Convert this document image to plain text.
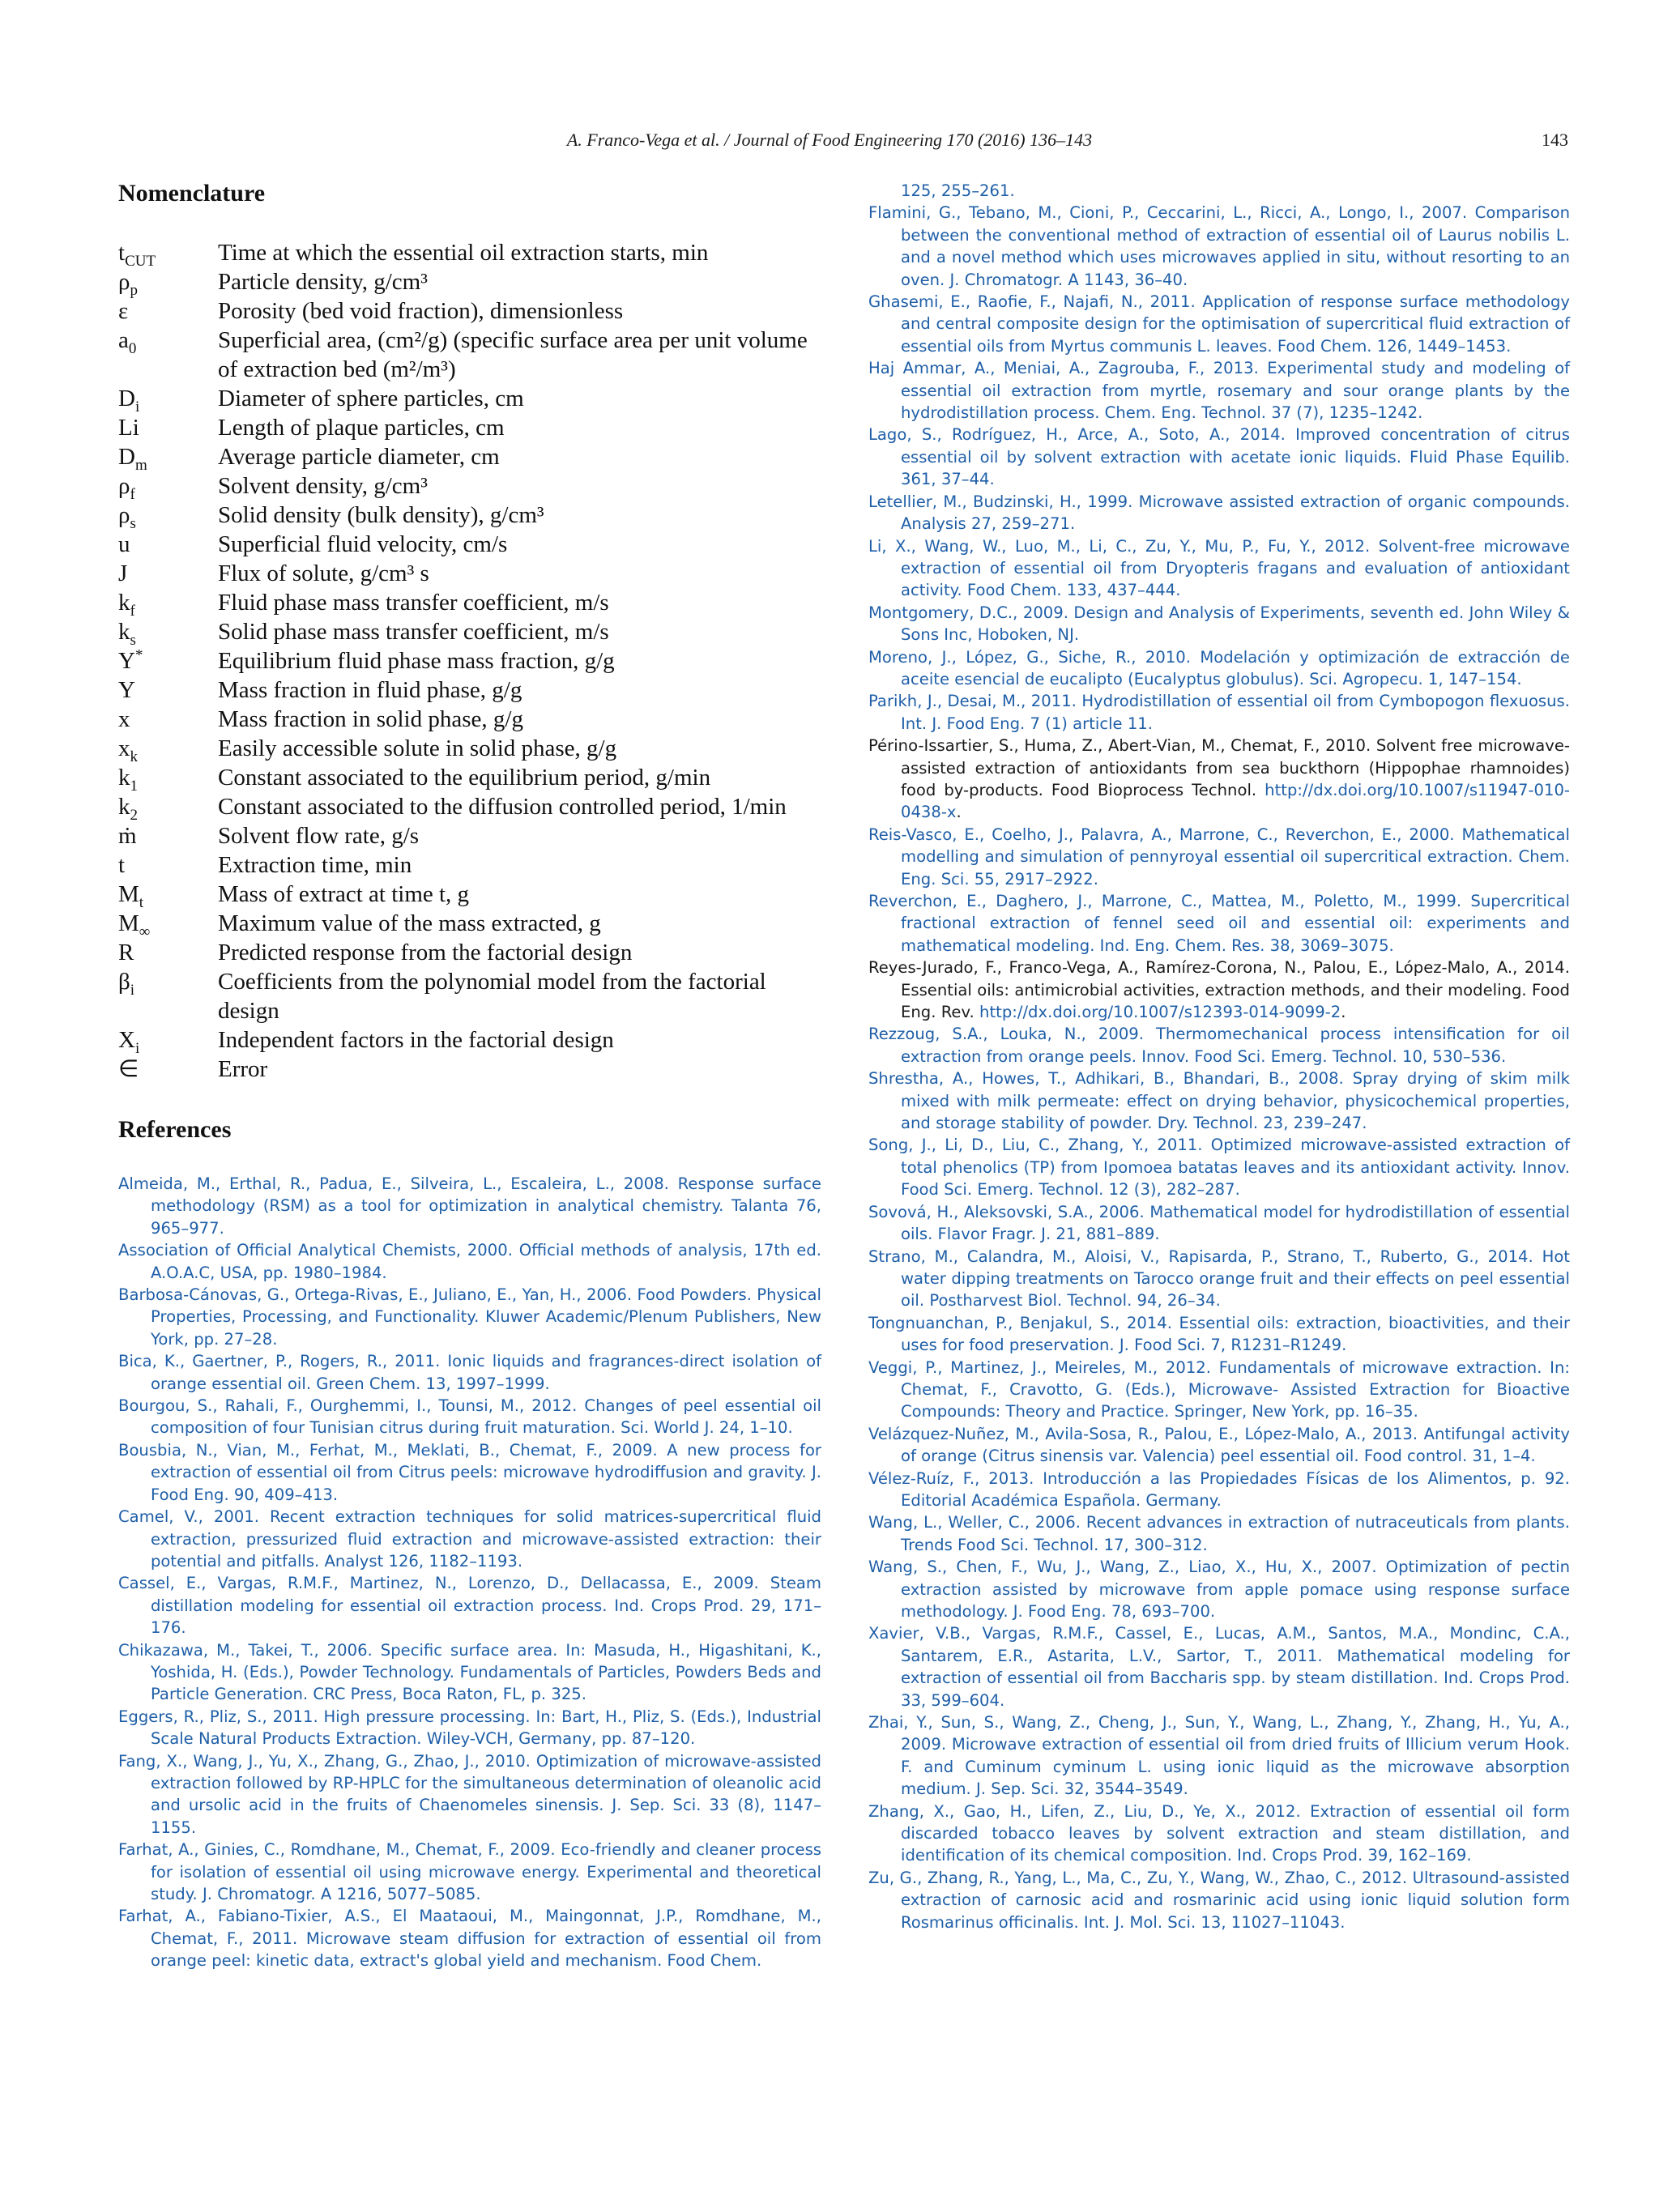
A. Franco-Vega et al. / Journal of Food Engineering 170 (2016) 136–143	143
Nomenclature
$t_{CUT}$	Time at which the essential oil extraction starts, min
$\rho_p$	Particle density, g/cm³
ε	Porosity (bed void fraction), dimensionless
$a_0$	Superficial area, (cm²/g) (specific surface area per unit volume of extraction bed (m²/m³)
$D_i$	Diameter of sphere particles, cm
Li	Length of plaque particles, cm
$D_m$	Average particle diameter, cm
$\rho_f$	Solvent density, g/cm³
$\rho_s$	Solid density (bulk density), g/cm³
u	Superficial fluid velocity, cm/s
J	Flux of solute, g/cm³ s
$k_f$	Fluid phase mass transfer coefficient, m/s
$k_s$	Solid phase mass transfer coefficient, m/s
Y*	Equilibrium fluid phase mass fraction, g/g
Y	Mass fraction in fluid phase, g/g
x	Mass fraction in solid phase, g/g
$x_k$	Easily accessible solute in solid phase, g/g
$k_1$	Constant associated to the equilibrium period, g/min
$k_2$	Constant associated to the diffusion controlled period, 1/min
ṁ	Solvent flow rate, g/s
t	Extraction time, min
$M_t$	Mass of extract at time t, g
$M_\infty$	Maximum value of the mass extracted, g
R	Predicted response from the factorial design
$\beta_i$	Coefficients from the polynomial model from the factorial design
$X_i$	Independent factors in the factorial design
∈	Error
References

Almeida, M., Erthal, R., Padua, E., Silveira, L., Escaleira, L., 2008. Response surface methodology (RSM) as a tool for optimization in analytical chemistry. Talanta 76, 965–977.

Association of Official Analytical Chemists, 2000. Official methods of analysis, 17th ed. A.O.A.C, USA, pp. 1980–1984.

Barbosa-Cánovas, G., Ortega-Rivas, E., Juliano, E., Yan, H., 2006. Food Powders. Physical Properties, Processing, and Functionality. Kluwer Academic/Plenum Publishers, New York, pp. 27–28.

Bica, K., Gaertner, P., Rogers, R., 2011. Ionic liquids and fragrances-direct isolation of orange essential oil. Green Chem. 13, 1997–1999.

Bourgou, S., Rahali, F., Ourghemmi, I., Tounsi, M., 2012. Changes of peel essential oil composition of four Tunisian citrus during fruit maturation. Sci. World J. 24, 1–10.

Bousbia, N., Vian, M., Ferhat, M., Meklati, B., Chemat, F., 2009. A new process for extraction of essential oil from Citrus peels: microwave hydrodiffusion and gravity. J. Food Eng. 90, 409–413.

Camel, V., 2001. Recent extraction techniques for solid matrices-supercritical fluid extraction, pressurized fluid extraction and microwave-assisted extraction: their potential and pitfalls. Analyst 126, 1182–1193.

Cassel, E., Vargas, R.M.F., Martinez, N., Lorenzo, D., Dellacassa, E., 2009. Steam distillation modeling for essential oil extraction process. Ind. Crops Prod. 29, 171–176.

Chikazawa, M., Takei, T., 2006. Specific surface area. In: Masuda, H., Higashitani, K., Yoshida, H. (Eds.), Powder Technology. Fundamentals of Particles, Powders Beds and Particle Generation. CRC Press, Boca Raton, FL, p. 325.

Eggers, R., Pliz, S., 2011. High pressure processing. In: Bart, H., Pliz, S. (Eds.), Industrial Scale Natural Products Extraction. Wiley-VCH, Germany, pp. 87–120.

Fang, X., Wang, J., Yu, X., Zhang, G., Zhao, J., 2010. Optimization of microwave-assisted extraction followed by RP-HPLC for the simultaneous determination of oleanolic acid and ursolic acid in the fruits of Chaenomeles sinensis. J. Sep. Sci. 33 (8), 1147–1155.

Farhat, A., Ginies, C., Romdhane, M., Chemat, F., 2009. Eco-friendly and cleaner process for isolation of essential oil using microwave energy. Experimental and theoretical study. J. Chromatogr. A 1216, 5077–5085.

Farhat, A., Fabiano-Tixier, A.S., El Maataoui, M., Maingonnat, J.P., Romdhane, M., Chemat, F., 2011. Microwave steam diffusion for extraction of essential oil from orange peel: kinetic data, extract's global yield and mechanism. Food Chem.

125, 255–261.

Flamini, G., Tebano, M., Cioni, P., Ceccarini, L., Ricci, A., Longo, I., 2007. Comparison between the conventional method of extraction of essential oil of Laurus nobilis L. and a novel method which uses microwaves applied in situ, without resorting to an oven. J. Chromatogr. A 1143, 36–40.

Ghasemi, E., Raofie, F., Najafi, N., 2011. Application of response surface methodology and central composite design for the optimisation of supercritical fluid extraction of essential oils from Myrtus communis L. leaves. Food Chem. 126, 1449–1453.

Haj Ammar, A., Meniai, A., Zagrouba, F., 2013. Experimental study and modeling of essential oil extraction from myrtle, rosemary and sour orange plants by the hydrodistillation process. Chem. Eng. Technol. 37 (7), 1235–1242.

Lago, S., Rodríguez, H., Arce, A., Soto, A., 2014. Improved concentration of citrus essential oil by solvent extraction with acetate ionic liquids. Fluid Phase Equilib. 361, 37–44.

Letellier, M., Budzinski, H., 1999. Microwave assisted extraction of organic compounds. Analysis 27, 259–271.

Li, X., Wang, W., Luo, M., Li, C., Zu, Y., Mu, P., Fu, Y., 2012. Solvent-free microwave extraction of essential oil from Dryopteris fragans and evaluation of antioxidant activity. Food Chem. 133, 437–444.

Montgomery, D.C., 2009. Design and Analysis of Experiments, seventh ed. John Wiley & Sons Inc, Hoboken, NJ.

Moreno, J., López, G., Siche, R., 2010. Modelación y optimización de extracción de aceite esencial de eucalipto (Eucalyptus globulus). Sci. Agropecu. 1, 147–154.

Parikh, J., Desai, M., 2011. Hydrodistillation of essential oil from Cymbopogon flexuosus. Int. J. Food Eng. 7 (1) article 11.

Périno-Issartier, S., Huma, Z., Abert-Vian, M., Chemat, F., 2010. Solvent free microwave-assisted extraction of antioxidants from sea buckthorn (Hippophae rhamnoides) food by-products. Food Bioprocess Technol. http://dx.doi.org/10.1007/s11947-010-0438-x.

Reis-Vasco, E., Coelho, J., Palavra, A., Marrone, C., Reverchon, E., 2000. Mathematical modelling and simulation of pennyroyal essential oil supercritical extraction. Chem. Eng. Sci. 55, 2917–2922.

Reverchon, E., Daghero, J., Marrone, C., Mattea, M., Poletto, M., 1999. Supercritical fractional extraction of fennel seed oil and essential oil: experiments and mathematical modeling. Ind. Eng. Chem. Res. 38, 3069–3075.

Reyes-Jurado, F., Franco-Vega, A., Ramírez-Corona, N., Palou, E., López-Malo, A., 2014. Essential oils: antimicrobial activities, extraction methods, and their modeling. Food Eng. Rev. http://dx.doi.org/10.1007/s12393-014-9099-2.

Rezzoug, S.A., Louka, N., 2009. Thermomechanical process intensification for oil extraction from orange peels. Innov. Food Sci. Emerg. Technol. 10, 530–536.

Shrestha, A., Howes, T., Adhikari, B., Bhandari, B., 2008. Spray drying of skim milk mixed with milk permeate: effect on drying behavior, physicochemical properties, and storage stability of powder. Dry. Technol. 23, 239–247.

Song, J., Li, D., Liu, C., Zhang, Y., 2011. Optimized microwave-assisted extraction of total phenolics (TP) from Ipomoea batatas leaves and its antioxidant activity. Innov. Food Sci. Emerg. Technol. 12 (3), 282–287.

Sovová, H., Aleksovski, S.A., 2006. Mathematical model for hydrodistillation of essential oils. Flavor Fragr. J. 21, 881–889.

Strano, M., Calandra, M., Aloisi, V., Rapisarda, P., Strano, T., Ruberto, G., 2014. Hot water dipping treatments on Tarocco orange fruit and their effects on peel essential oil. Postharvest Biol. Technol. 94, 26–34.

Tongnuanchan, P., Benjakul, S., 2014. Essential oils: extraction, bioactivities, and their uses for food preservation. J. Food Sci. 7, R1231–R1249.

Veggi, P., Martinez, J., Meireles, M., 2012. Fundamentals of microwave extraction. In: Chemat, F., Cravotto, G. (Eds.), Microwave- Assisted Extraction for Bioactive Compounds: Theory and Practice. Springer, New York, pp. 16–35.

Velázquez-Nuñez, M., Avila-Sosa, R., Palou, E., López-Malo, A., 2013. Antifungal activity of orange (Citrus sinensis var. Valencia) peel essential oil. Food control. 31, 1–4.

Vélez-Ruíz, F., 2013. Introducción a las Propiedades Físicas de los Alimentos, p. 92. Editorial Académica Española. Germany.

Wang, L., Weller, C., 2006. Recent advances in extraction of nutraceuticals from plants. Trends Food Sci. Technol. 17, 300–312.

Wang, S., Chen, F., Wu, J., Wang, Z., Liao, X., Hu, X., 2007. Optimization of pectin extraction assisted by microwave from apple pomace using response surface methodology. J. Food Eng. 78, 693–700.

Xavier, V.B., Vargas, R.M.F., Cassel, E., Lucas, A.M., Santos, M.A., Mondinc, C.A., Santarem, E.R., Astarita, L.V., Sartor, T., 2011. Mathematical modeling for extraction of essential oil from Baccharis spp. by steam distillation. Ind. Crops Prod. 33, 599–604.

Zhai, Y., Sun, S., Wang, Z., Cheng, J., Sun, Y., Wang, L., Zhang, Y., Zhang, H., Yu, A., 2009. Microwave extraction of essential oil from dried fruits of Illicium verum Hook. F. and Cuminum cyminum L. using ionic liquid as the microwave absorption medium. J. Sep. Sci. 32, 3544–3549.

Zhang, X., Gao, H., Lifen, Z., Liu, D., Ye, X., 2012. Extraction of essential oil form discarded tobacco leaves by solvent extraction and steam distillation, and identification of its chemical composition. Ind. Crops Prod. 39, 162–169.

Zu, G., Zhang, R., Yang, L., Ma, C., Zu, Y., Wang, W., Zhao, C., 2012. Ultrasound-assisted extraction of carnosic acid and rosmarinic acid using ionic liquid solution form Rosmarinus officinalis. Int. J. Mol. Sci. 13, 11027–11043.
